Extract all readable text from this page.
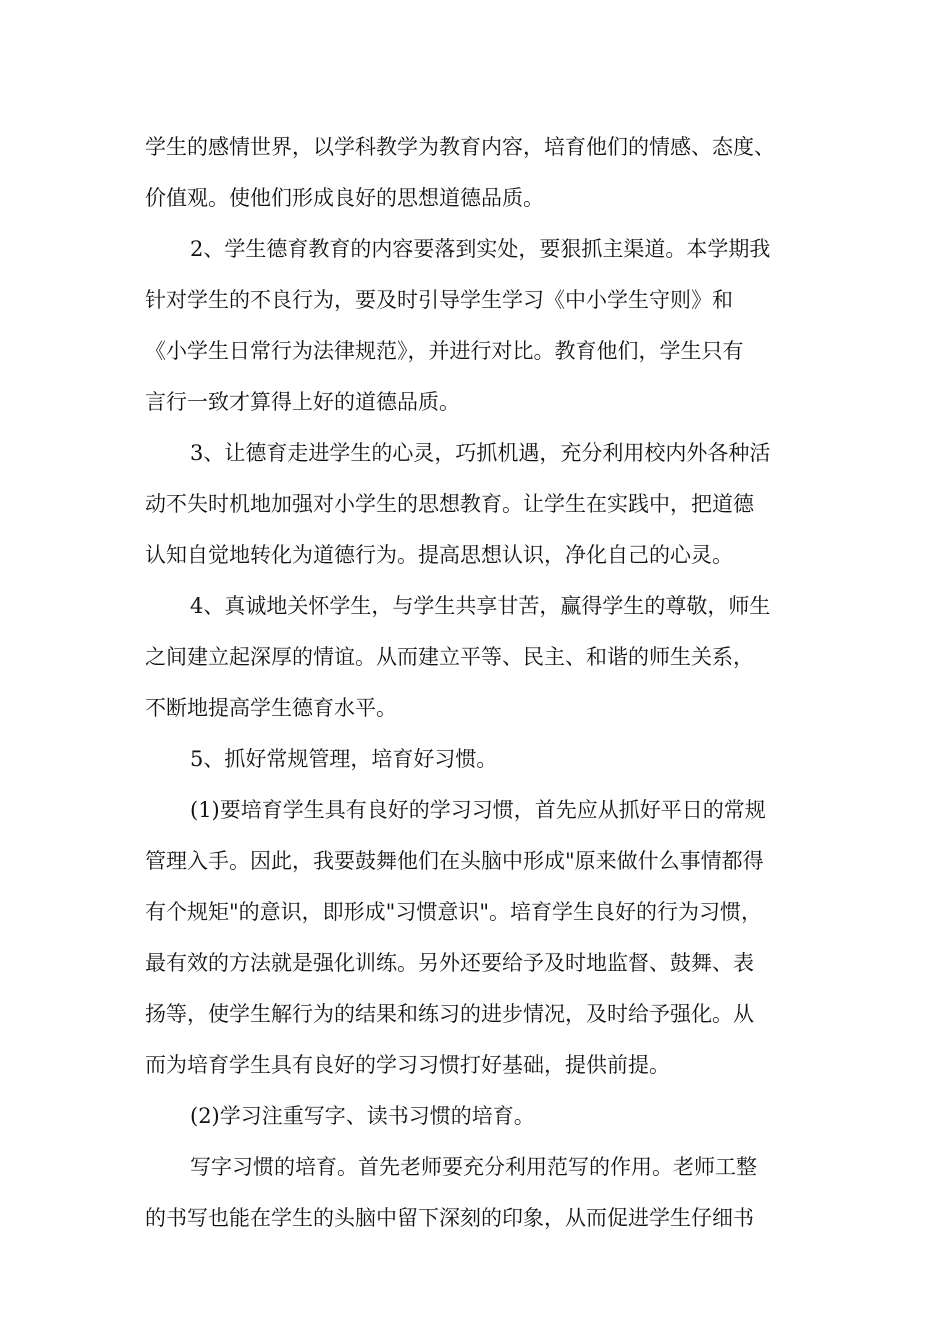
学生的感情世界，以学科教学为教育内容，培育他们的情感、态度、
价值观。使他们形成良好的思想道德品质。
2、学生德育教育的内容要落到实处，要狠抓主渠道。本学期我
针对学生的不良行为，要及时引导学生学习《中小学生守则》和
《小学生日常行为法律规范》，并进行对比。教育他们，学生只有
言行一致才算得上好的道德品质。
3、让德育走进学生的心灵，巧抓机遇，充分利用校内外各种活
动不失时机地加强对小学生的思想教育。让学生在实践中，把道德
认知自觉地转化为道德行为。提高思想认识，净化自己的心灵。
4、真诚地关怀学生，与学生共享甘苦，赢得学生的尊敬，师生
之间建立起深厚的情谊。从而建立平等、民主、和谐的师生关系，
不断地提高学生德育水平。
5、抓好常规管理，培育好习惯。
(1)要培育学生具有良好的学习习惯，首先应从抓好平日的常规
管理入手。因此，我要鼓舞他们在头脑中形成"原来做什么事情都得
有个规矩"的意识，即形成"习惯意识"。培育学生良好的行为习惯，
最有效的方法就是强化训练。另外还要给予及时地监督、鼓舞、表
扬等，使学生解行为的结果和练习的进步情况，及时给予强化。从
而为培育学生具有良好的学习习惯打好基础，提供前提。
(2)学习注重写字、读书习惯的培育。
写字习惯的培育。首先老师要充分利用范写的作用。老师工整
的书写也能在学生的头脑中留下深刻的印象，从而促进学生仔细书
